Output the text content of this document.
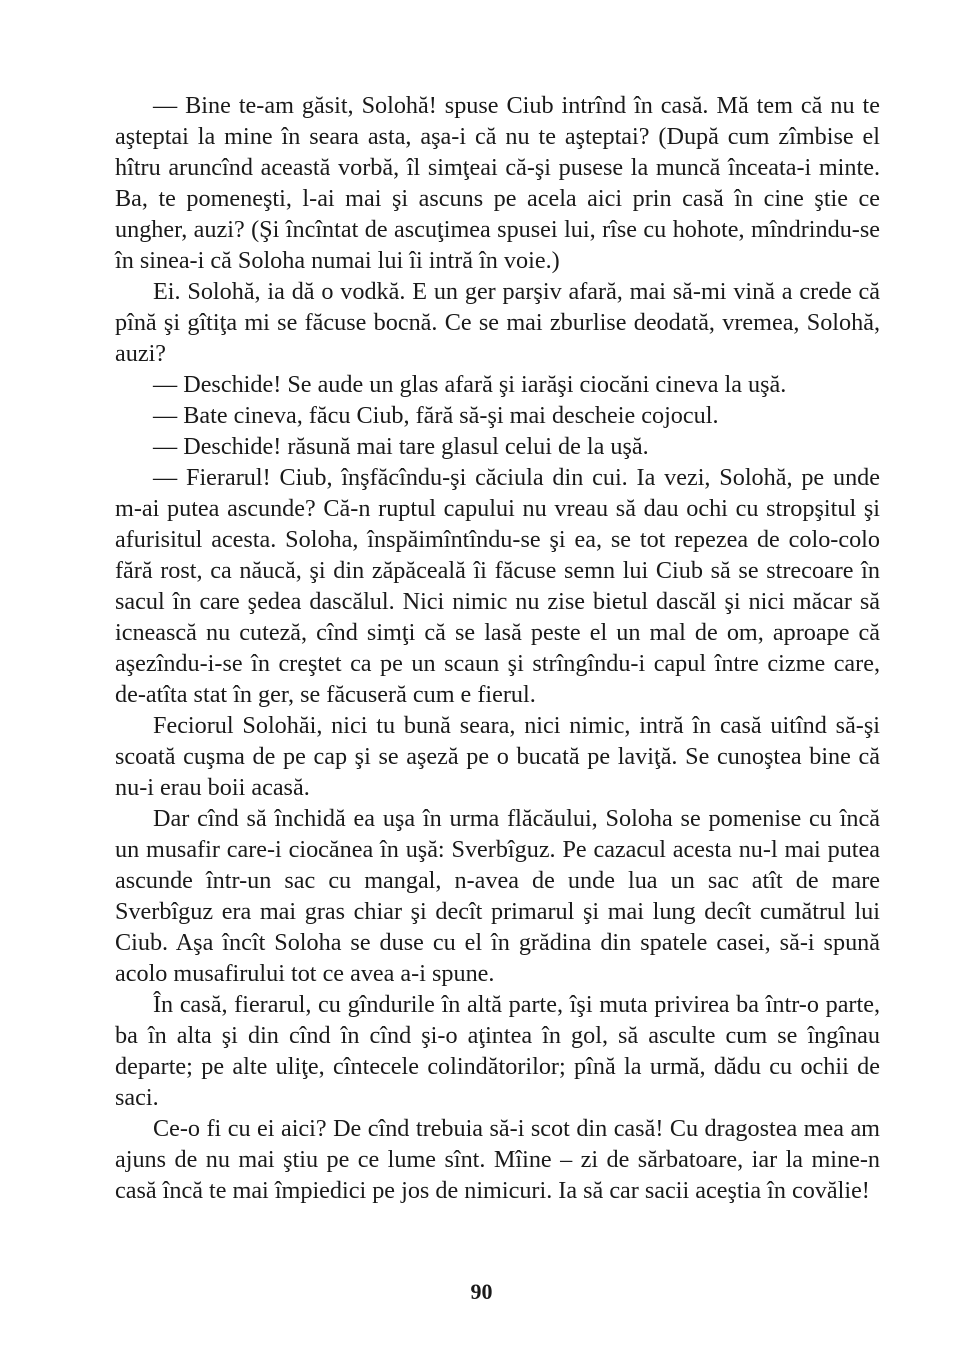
— Bine te-am găsit, Solohă! spuse Ciub intrînd în casă. Mă tem că nu te aşteptai la mine în seara asta, aşa-i că nu te aşteptai? (După cum zîmbise el hîtru aruncînd această vorbă, îl simţeai că-şi pusese la muncă înceata-i minte. Ba, te pomeneşti, l-ai mai şi ascuns pe acela aici prin casă în cine ştie ce ungher, auzi? (Şi încîntat de ascuţimea spusei lui, rîse cu hohote, mîndrindu-se în sinea-i că Soloha numai lui îi intră în voie.)

Ei. Solohă, ia dă o vodkă. E un ger parşiv afară, mai să-mi vină a crede că pînă şi gîtiţa mi se făcuse bocnă. Ce se mai zburlise deodată, vremea, Solohă, auzi?

— Deschide! Se aude un glas afară şi iarăşi ciocăni cineva la uşă.

— Bate cineva, făcu Ciub, fără să-şi mai descheie cojocul.

— Deschide! răsună mai tare glasul celui de la uşă.

— Fierarul! Ciub, înşfăcîndu-şi căciula din cui. Ia vezi, Solohă, pe unde m-ai putea ascunde? Că-n ruptul capului nu vreau să dau ochi cu stropşitul şi afurisitul acesta. Soloha, înspăimîntîndu-se şi ea, se tot repezea de colo-colo fără rost, ca năucă, şi din zăpăceală îi făcuse semn lui Ciub să se strecoare în sacul în care şedea dascălul. Nici nimic nu zise bietul dascăl şi nici măcar să icnească nu cuteză, cînd simţi că se lasă peste el un mal de om, aproape că aşezîndu-i-se în creştet ca pe un scaun şi strîngîndu-i capul între cizme care, de-atîta stat în ger, se făcuseră cum e fierul.

Feciorul Solohăi, nici tu bună seara, nici nimic, intră în casă uitînd să-şi scoată cuşma de pe cap şi se aşeză pe o bucată pe laviţă. Se cunoştea bine că nu-i erau boii acasă.

Dar cînd să închidă ea uşa în urma flăcăului, Soloha se pomenise cu încă un musafir care-i ciocănea în uşă: Sverbîguz. Pe cazacul acesta nu-l mai putea ascunde într-un sac cu mangal, n-avea de unde lua un sac atît de mare Sverbîguz era mai gras chiar şi decît primarul şi mai lung decît cumătrul lui Ciub. Aşa încît Soloha se duse cu el în grădina din spatele casei, să-i spună acolo musafirului tot ce avea a-i spune.

În casă, fierarul, cu gîndurile în altă parte, îşi muta privirea ba într-o parte, ba în alta şi din cînd în cînd şi-o aţintea în gol, să asculte cum se îngînau departe; pe alte uliţe, cîntecele colindătorilor; pînă la urmă, dădu cu ochii de saci.

Ce-o fi cu ei aici? De cînd trebuia să-i scot din casă! Cu dragostea mea am ajuns de nu mai ştiu pe ce lume sînt. Mîine – zi de sărbatoare, iar la mine-n casă încă te mai împiedici pe jos de nimicuri. Ia să car sacii aceştia în covălie!

90
